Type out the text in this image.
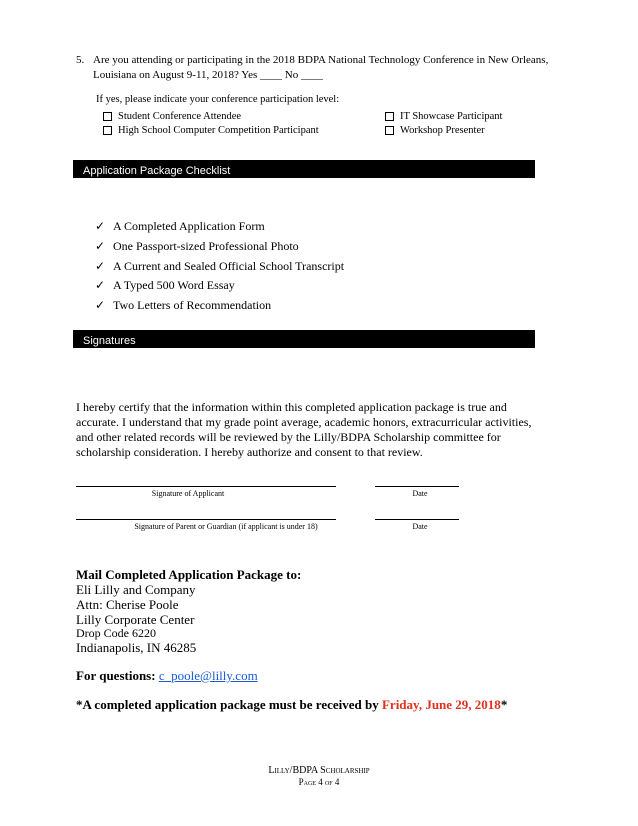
5. Are you attending or participating in the 2018 BDPA National Technology Conference in New Orleans, Louisiana on August 9-11, 2018? Yes ____ No ____
If yes, please indicate your conference participation level:
Student Conference Attendee	IT Showcase Participant
High School Computer Competition Participant	Workshop Presenter
Application Package Checklist
✓ A Completed Application Form
✓ One Passport-sized Professional Photo
✓ A Current and Sealed Official School Transcript
✓ A Typed 500 Word Essay
✓ Two Letters of Recommendation
Signatures
I hereby certify that the information within this completed application package is true and accurate. I understand that my grade point average, academic honors, extracurricular activities, and other related records will be reviewed by the Lilly/BDPA Scholarship committee for scholarship consideration. I hereby authorize and consent to that review.
Signature of Applicant	Date
Signature of Parent or Guardian (if applicant is under 18)	Date
Mail Completed Application Package to:
Eli Lilly and Company
Attn: Cherise Poole
Lilly Corporate Center
Drop Code 6220
Indianapolis, IN 46285
For questions: c_poole@lilly.com
*A completed application package must be received by Friday, June 29, 2018*
Lilly/BDPA Scholarship
Page 4 of 4
